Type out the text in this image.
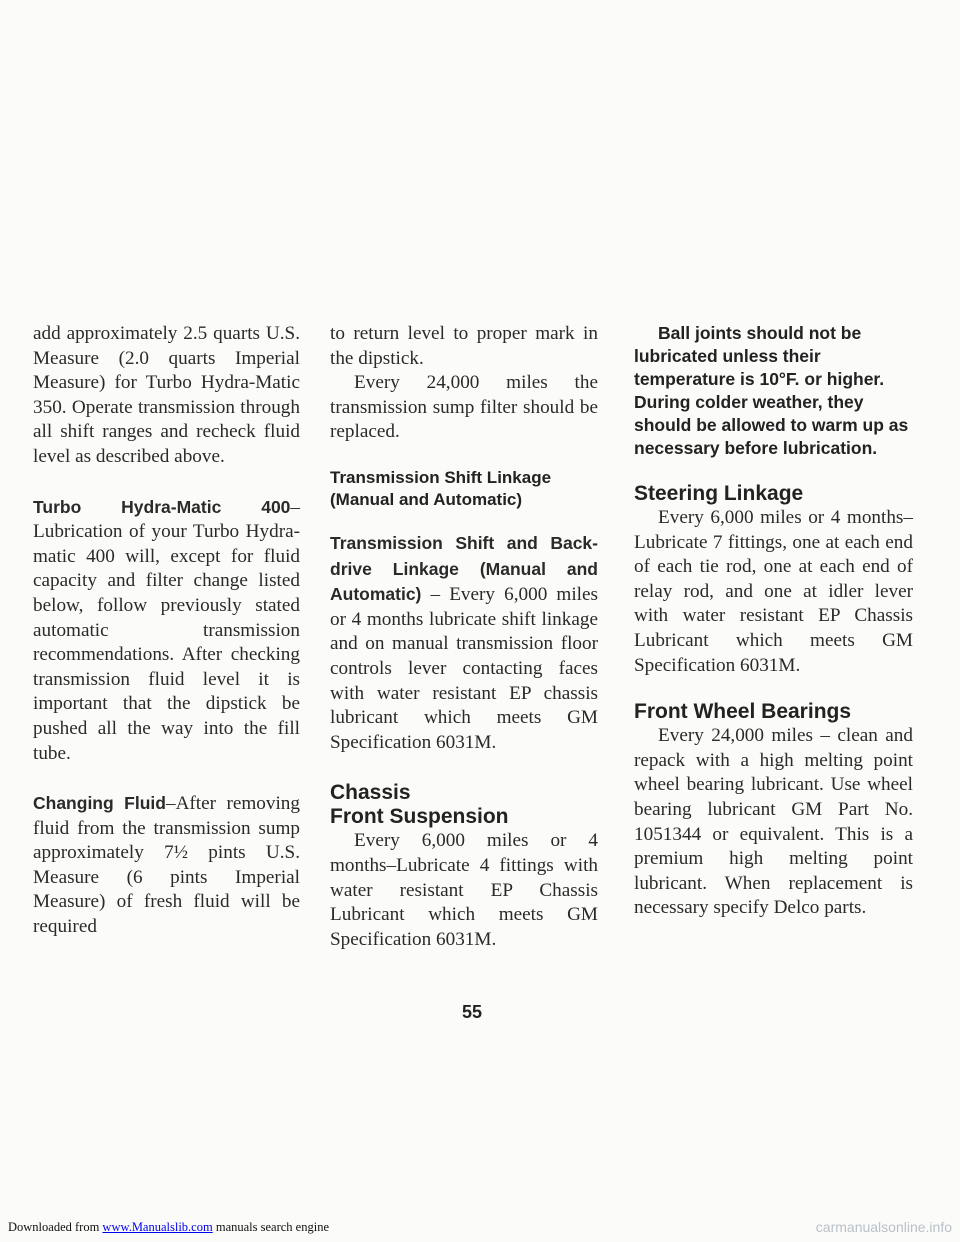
add approximately 2.5 quarts U.S. Measure (2.0 quarts Imperial Measure) for Turbo Hydra-Matic 350. Operate transmission through all shift ranges and recheck fluid level as described above.

Turbo Hydra-Matic 400–Lubrication of your Turbo Hydra-matic 400 will, except for fluid capacity and filter change listed below, follow previously stated automatic transmission recommendations. After checking transmission fluid level it is important that the dipstick be pushed all the way into the fill tube.

Changing Fluid–After removing fluid from the transmission sump approximately 7½ pints U.S. Measure (6 pints Imperial Measure) of fresh fluid will be required

to return level to proper mark in the dipstick.

Every 24,000 miles the transmission sump filter should be replaced.

Transmission Shift Linkage (Manual and Automatic)

Transmission Shift and Back-drive Linkage (Manual and Automatic) – Every 6,000 miles or 4 months lubricate shift linkage and on manual transmission floor controls lever contacting faces with water resistant EP chassis lubricant which meets GM Specification 6031M.

Chassis
Front Suspension

Every 6,000 miles or 4 months–Lubricate 4 fittings with water resistant EP Chassis Lubricant which meets GM Specification 6031M.

Ball joints should not be lubricated unless their temperature is 10°F. or higher. During colder weather, they should be allowed to warm up as necessary before lubrication.

Steering Linkage

Every 6,000 miles or 4 months–Lubricate 7 fittings, one at each end of each tie rod, one at each end of relay rod, and one at idler lever with water resistant EP Chassis Lubricant which meets GM Specification 6031M.

Front Wheel Bearings

Every 24,000 miles – clean and repack with a high melting point wheel bearing lubricant. Use wheel bearing lubricant GM Part No. 1051344 or equivalent. This is a premium high melting point lubricant. When replacement is necessary specify Delco parts.

55
Downloaded from www.Manualslib.com manuals search engine	carmanualsonline.info
